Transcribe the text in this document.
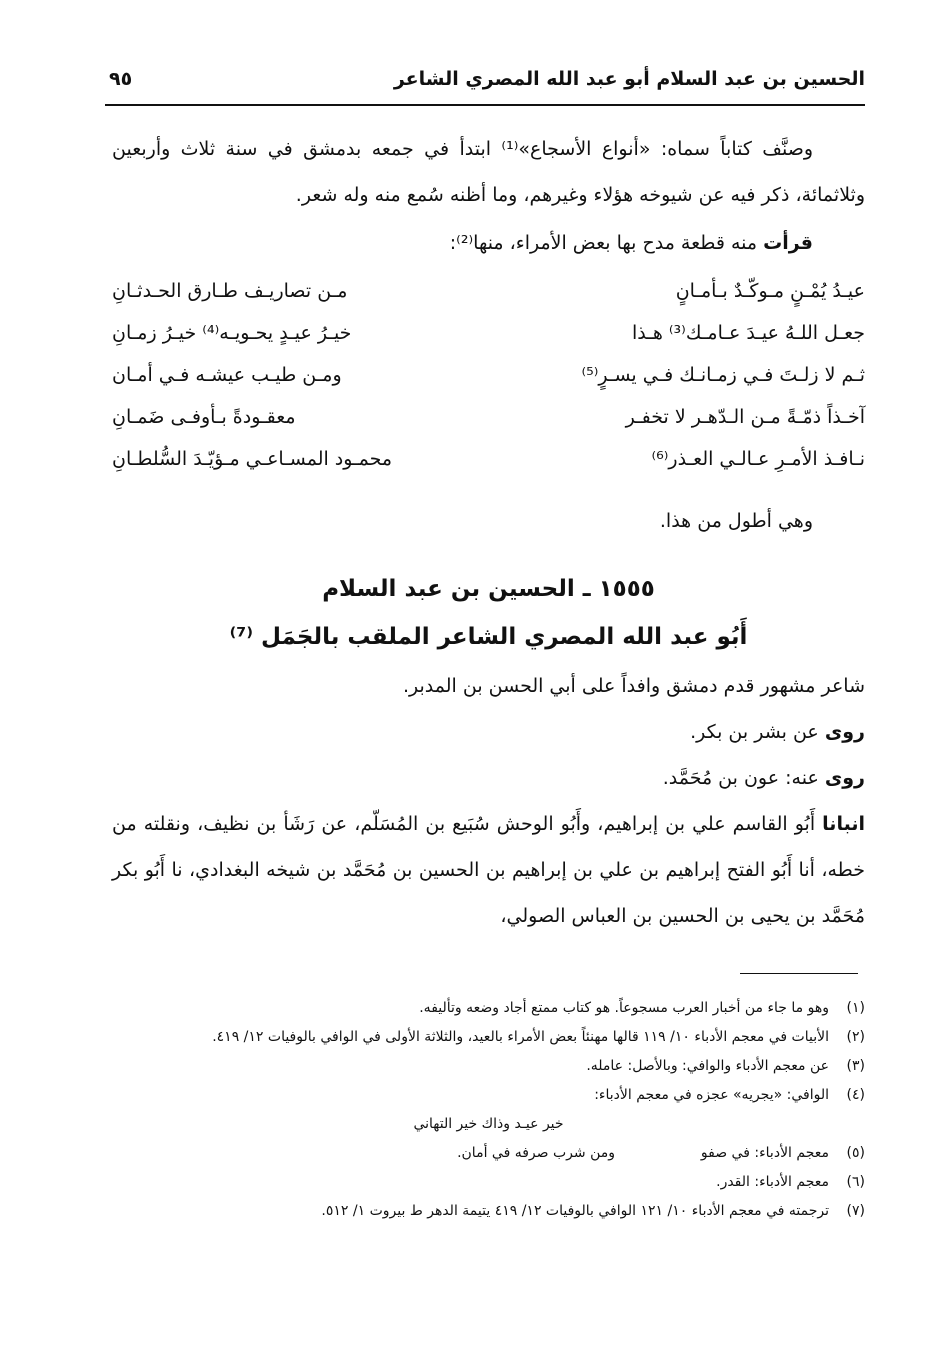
الحسين بن عبد السلام أبو عبد الله المصري الشاعر
٩٥

وصنَّف كتاباً سماه: «أنواع الأسجاع»⁽¹⁾ ابتدأ في جمعه بدمشق في سنة ثلاث وأربعين وثلاثمائة، ذكر فيه عن شيوخه هؤلاء وغيرهم، وما أظنه سُمع منه وله شعر.

قرأت منه قطعة مدح بها بعض الأمراء، منها⁽²⁾:

عيـدُ يُمْـنٍ مـوكّـدٌ بـأمـانٍ
مـن تصاريـف طـارق الحـدثـانِ
جعـل اللـهُ عيـدَ عـامـك⁽³⁾ هـذا
خيـرُ عيـدٍ يحـويـه⁽⁴⁾ خيـرُ زمـانِ
ثـم لا زلـتَ فـي زمـانـك فـي يسـرٍ⁽⁵⁾
ومـن طيـب عيشـه فـي أمـان
آخـذاً ذمّـةً مـن الـدّهـر لا تخفـر
معقـودةً بـأوفـى ضَمـانِ
نـافـذ الأمـرِ عـالـي العـذر⁽⁶⁾
محمـود المسـاعـي مـؤيّـدَ السُّلطـانِ

وهي أطول من هذا.

١٥٥٥ ـ الحسين بن عبد السلام
أَبُو عبد الله المصري الشاعر الملقب بالجَمَل ⁽⁷⁾

شاعر مشهور قدم دمشق وافداً على أبي الحسن بن المدبر.

روى عن بشر بن بكر.

روى عنه: عون بن مُحَمَّد.

انبانا أَبُو القاسم علي بن إبراهيم، وأَبُو الوحش سُبَيع بن المُسَلّم، عن رَشَأ بن نظيف، ونقلته من خطه، أنا أَبُو الفتح إبراهيم بن علي بن إبراهيم بن الحسين بن مُحَمَّد بن شيخه البغدادي، نا أَبُو بكر مُحَمَّد بن يحيى بن الحسين بن العباس الصولي،

(١)
وهو ما جاء من أخبار العرب مسجوعاً. هو كتاب ممتع أجاد وضعه وتأليفه.
(٢)
الأبيات في معجم الأدباء ١٠/ ١١٩ قالها مهنئاً بعض الأمراء بالعيد، والثلاثة الأولى في الوافي بالوفيات ١٢/ ٤١٩.
(٣)
عن معجم الأدباء والوافي: وبالأصل: عامله.
(٤)
الوافي: «يجريه» عجزه في معجم الأدباء:
خير عيـد وذاك خير التهاني
(٥)
معجم الأدباء: في صفو
ومن شرب صرفه في أمان.
(٦)
معجم الأدباء: القدر.
(٧)
ترجمته في معجم الأدباء ١٠/ ١٢١ الوافي بالوفيات ١٢/ ٤١٩ يتيمة الدهر ط بيروت ١/ ٥١٢.
